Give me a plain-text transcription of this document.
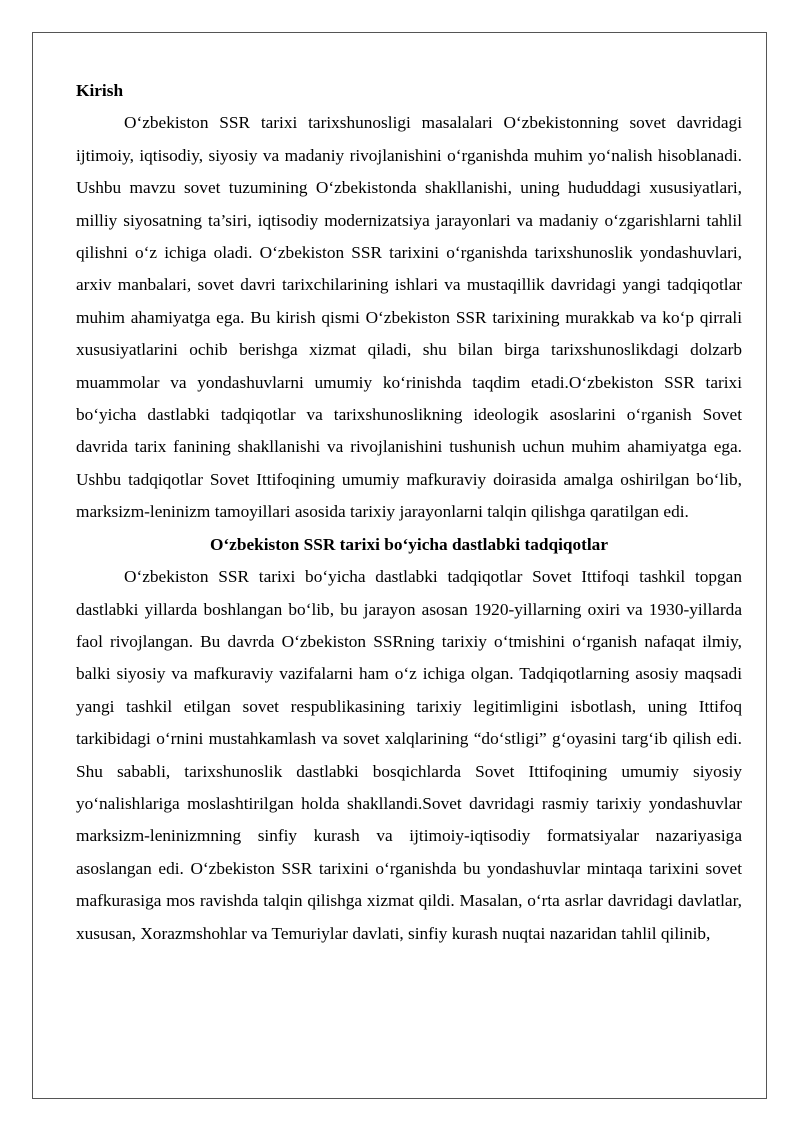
Kirish

O‘zbekiston SSR tarixi tarixshunosligi masalalari O‘zbekistonning sovet davridagi ijtimoiy, iqtisodiy, siyosiy va madaniy rivojlanishini o‘rganishda muhim yo‘nalish hisoblanadi. Ushbu mavzu sovet tuzumining O‘zbekistonda shakllanishi, uning hududdagi xususiyatlari, milliy siyosatning ta’siri, iqtisodiy modernizatsiya jarayonlari va madaniy o‘zgarishlarni tahlil qilishni o‘z ichiga oladi. O‘zbekiston SSR tarixini o‘rganishda tarixshunoslik yondashuvlari, arxiv manbalari, sovet davri tarixchilarining ishlari va mustaqillik davridagi yangi tadqiqotlar muhim ahamiyatga ega. Bu kirish qismi O‘zbekiston SSR tarixining murakkab va ko‘p qirrali xususiyatlarini ochib berishga xizmat qiladi, shu bilan birga tarixshunoslikdagi dolzarb muammolar va yondashuvlarni umumiy ko‘rinishda taqdim etadi.O‘zbekiston SSR tarixi bo‘yicha dastlabki tadqiqotlar va tarixshunoslikning ideologik asoslarini o‘rganish Sovet davrida tarix fanining shakllanishi va rivojlanishini tushunish uchun muhim ahamiyatga ega. Ushbu tadqiqotlar Sovet Ittifoqining umumiy mafkuraviy doirasida amalga oshirilgan bo‘lib, marksizm-leninizm tamoyillari asosida tarixiy jarayonlarni talqin qilishga qaratilgan edi.

O‘zbekiston SSR tarixi bo‘yicha dastlabki tadqiqotlar

O‘zbekiston SSR tarixi bo‘yicha dastlabki tadqiqotlar Sovet Ittifoqi tashkil topgan dastlabki yillarda boshlangan bo‘lib, bu jarayon asosan 1920-yillarning oxiri va 1930-yillarda faol rivojlangan. Bu davrda O‘zbekiston SSRning tarixiy o‘tmishini o‘rganish nafaqat ilmiy, balki siyosiy va mafkuraviy vazifalarni ham o‘z ichiga olgan. Tadqiqotlarning asosiy maqsadi yangi tashkil etilgan sovet respublikasining tarixiy legitimligini isbotlash, uning Ittifoq tarkibidagi o‘rnini mustahkamlash va sovet xalqlarining “do‘stligi” g‘oyasini targ‘ib qilish edi. Shu sababli, tarixshunoslik dastlabki bosqichlarda Sovet Ittifoqining umumiy siyosiy yo‘nalishlariga moslashtirilgan holda shakllandi.Sovet davridagi rasmiy tarixiy yondashuvlar marksizm-leninizmning sinfiy kurash va ijtimoiy-iqtisodiy formatsiyalar nazariyasiga asoslangan edi. O‘zbekiston SSR tarixini o‘rganishda bu yondashuvlar mintaqa tarixini sovet mafkurasiga mos ravishda talqin qilishga xizmat qildi. Masalan, o‘rta asrlar davridagi davlatlar, xususan, Xorazmshohlar va Temuriylar davlati, sinfiy kurash nuqtai nazaridan tahlil qilinib,
